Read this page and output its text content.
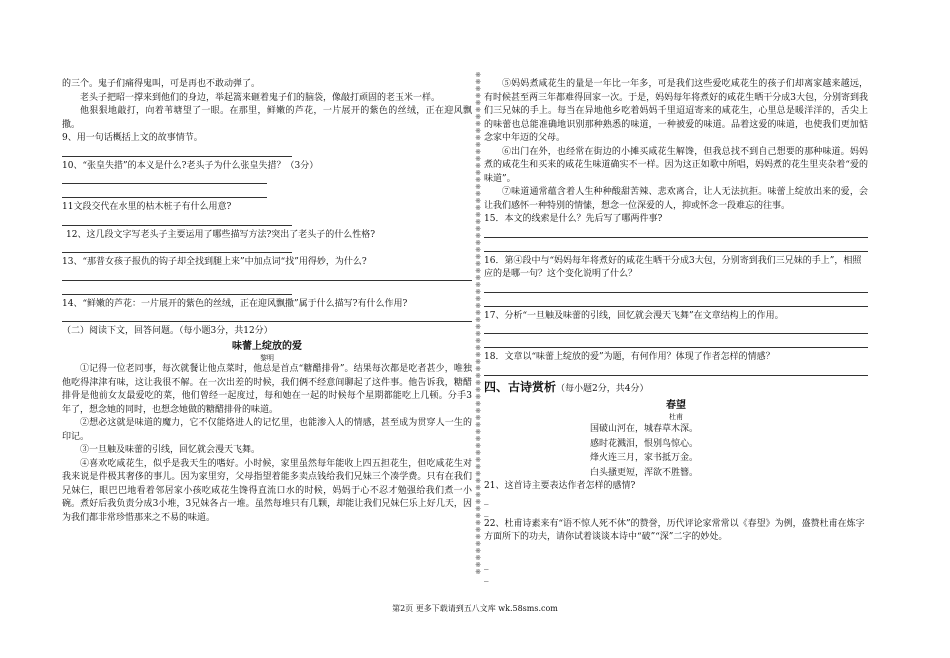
的三个。鬼子们痛得鬼叫，可是再也不敢动弹了。

老头子把昭一撑来到他们的身边，举起篙来砸着鬼子们的脑袋，像敲打顽固的老玉米一样。

他狠狠地敲打，向着苇塘望了一眼。在那里，鲜嫩的芦花，一片展开的紫色的丝绒，正在迎风飘撒。

9、用一句话概括上文的故事情节。

10、“张皇失措”的本义是什么?老头子为什么张皇失措？（3分）

11文段交代在水里的枯木桩子有什么用意?

12、这几段文字写老头子主要运用了哪些描写方法?突出了老头子的什么性格?

13、“那普女孩子报仇的钩子却全找到腿上来”中加点词“找”用得妙，为什么?

14、“鲜嫩的芦花：一片展开的紫色的丝绒，正在迎风飘撒”属于什么描写?有什么作用?

（二）阅读下文，回答问题。（每小题3分，共12分）

味蕾上绽放的爱

黎明

①记得一位老同事，每次就餐让他点菜时，他总是首点“糖醋排骨”。结果每次都是吃者甚少，唯独他吃得津津有味，这让我很不解。在一次出差的时候，我们俩不经意间聊起了这件事。他告诉我，糖醋排骨是他前女友最爱吃的菜，他们曾经一起度过，每和她在一起的时候每个星期都能吃上几顿。分手3年了，想念她的同时，也想念她做的糖醋排骨的味道。

②想必这就是味道的魔力，它不仅能烙进人的记忆里，也能渗入人的情感，甚至成为贯穿人一生的印记。

③一旦触及味蕾的引线，回忆就会漫天飞舞。

④喜欢吃咸花生，似乎是我天生的嗜好。小时候，家里虽然每年能收上四五担花生，但吃咸花生对我来说是件极其奢侈的事儿。因为家里穷，父母指望着能多卖点钱给我们兄妹三个凑学费。只有在我们兄妹仨，眼巴巴地看着邻居家小孩吃咸花生馋得直流口水的时候，妈妈于心不忍才勉强给我们煮一小碗。煮好后我负责分成3小堆，3兄妹各占一堆。虽然每堆只有几颗，却能让我们兄妹仨乐上好几天，因为我们都非常珍惜那来之不易的味道。

※※※※※※※※※※※※※※※※※※※※※※※※※※※※※※※※※※※※※※※※※※※※※※※※※※※※※※※※※※※※※※※※※※※※※※※※

⑤妈妈煮咸花生的量是一年比一年多，可是我们这些爱吃咸花生的孩子们却离家越来越远，有时候甚至两三年都难得回家一次。于是，妈妈每年将煮好的咸花生晒干分成3大包，分别寄到我们三兄妹的手上。每当在异地他乡吃着妈妈千里迢迢寄来的咸花生，心里总是暖洋洋的，舌尖上的味蕾也总能准确地识别那种熟悉的味道，一种被爱的味道。品着这爱的味道，也使我们更加惦念家中年迈的父母。

⑥出门在外，也经常在街边的小摊买咸花生解馋，但我总找不到自己想要的那种味道。妈妈煮的咸花生和买来的咸花生味道确实不一样。因为这正如歌中所唱，妈妈煮的花生里夹杂着“爱的味道”。

⑦味道通常蕴含着人生种种酸甜苦辣、悲欢离合，让人无法抗拒。味蕾上绽放出来的爱，会让我们感怀一种特别的情愫，想念一位深爱的人，抑或怀念一段难忘的往事。

15．本文的线索是什么？先后写了哪两件事?

16．第④段中与“妈妈每年将煮好的咸花生晒干分成3大包，分别寄到我们三兄妹的手上”，相照应的是哪一句？这个变化说明了什么？

17、分析“一旦触及味蕾的引线，回忆就会漫天飞舞”在文章结构上的作用。

18．文章以“味蕾上绽放的爱”为题，有何作用？体现了作者怎样的情感？

四、古诗赏析（每小题2分，共4分）

春望

杜甫

国破山河在，城春草木深。

感时花溅泪，恨别鸟惊心。

烽火连三月，家书抵万金。

白头搔更短，浑欲不胜簪。

21、这首诗主要表达作者怎样的感情?

_

_

22、杜甫诗素来有“语不惊人死不休”的赞誉，历代评论家常常以《春望》为例，盛赞杜甫在炼字方面所下的功夫，请你试着谈谈本诗中“破”“深”二字的妙处。

_

_

第2页 更多下载请到五八文库 wk.58sms.com
